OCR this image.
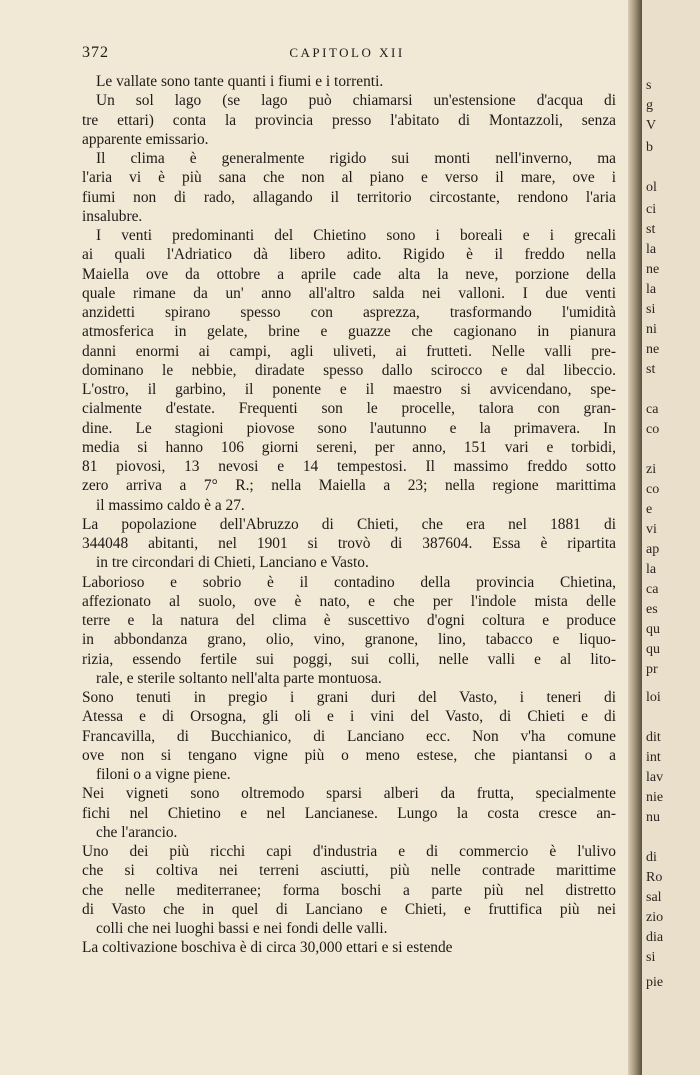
372	CAPITOLO XII
Le vallate sono tante quanti i fiumi e i torrenti.
Un sol lago (se lago può chiamarsi un'estensione d'acqua di
tre ettari) conta la provincia presso l'abitato di Montazzoli, senza
apparente emissario.
Il clima è generalmente rigido sui monti nell'inverno, ma
l'aria vi è più sana che non al piano e verso il mare, ove i
fiumi non di rado, allagando il territorio circostante, rendono l'aria
insalubre.
I venti predominanti del Chietino sono i boreali e i grecali
ai quali l'Adriatico dà libero adito. Rigido è il freddo nella
Maiella ove da ottobre a aprile cade alta la neve, porzione della
quale rimane da un' anno all'altro salda nei valloni. I due venti
anzidetti spirano spesso con asprezza, trasformando l'umidità
atmosferica in gelate, brine e guazze che cagionano in pianura
danni enormi ai campi, agli uliveti, ai frutteti. Nelle valli pre-
dominano le nebbie, diradate spesso dallo scirocco e dal libeccio.
L'ostro, il garbino, il ponente e il maestro si avvicendano, spe-
cialmente d'estate. Frequenti son le procelle, talora con gran-
dine. Le stagioni piovose sono l'autunno e la primavera. In
media si hanno 106 giorni sereni, per anno, 151 vari e torbidi,
81 piovosi, 13 nevosi e 14 tempestosi. Il massimo freddo sotto
zero arriva a 7° R.; nella Maiella a 23; nella regione marittima
il massimo caldo è a 27.
La popolazione dell'Abruzzo di Chieti, che era nel 1881 di
344048 abitanti, nel 1901 si trovò di 387604. Essa è ripartita
in tre circondari di Chieti, Lanciano e Vasto.
Laborioso e sobrio è il contadino della provincia Chietina,
affezionato al suolo, ove è nato, e che per l'indole mista delle
terre e la natura del clima è suscettivo d'ogni coltura e produce
in abbondanza grano, olio, vino, granone, lino, tabacco e liquo-
rizia, essendo fertile sui poggi, sui colli, nelle valli e al lito-
rale, e sterile soltanto nell'alta parte montuosa.
Sono tenuti in pregio i grani duri del Vasto, i teneri di
Atessa e di Orsogna, gli oli e i vini del Vasto, di Chieti e di
Francavilla, di Bucchianico, di Lanciano ecc. Non v'ha comune
ove non si tengano vigne più o meno estese, che piantansi o a
filoni o a vigne piene.
Nei vigneti sono oltremodo sparsi alberi da frutta, specialmente
fichi nel Chietino e nel Lancianese. Lungo la costa cresce an-
che l'arancio.
Uno dei più ricchi capi d'industria e di commercio è l'ulivo
che si coltiva nei terreni asciutti, più nelle contrade marittime
che nelle mediterranee; forma boschi a parte più nel distretto
di Vasto che in quel di Lanciano e Chieti, e fruttifica più nei
colli che nei luoghi bassi e nei fondi delle valli.
La coltivazione boschiva è di circa 30,000 ettari e si estende
s
g
V
b
ol
ci
st
la
ne
la
si
ni
ne
st
ca
co
zi
co
e
vi
ap
la
ca
es
qu
qu
pr
loi
dit
int
lav
nie
nu
di
Ro
sal
zio
dia
si
pie
